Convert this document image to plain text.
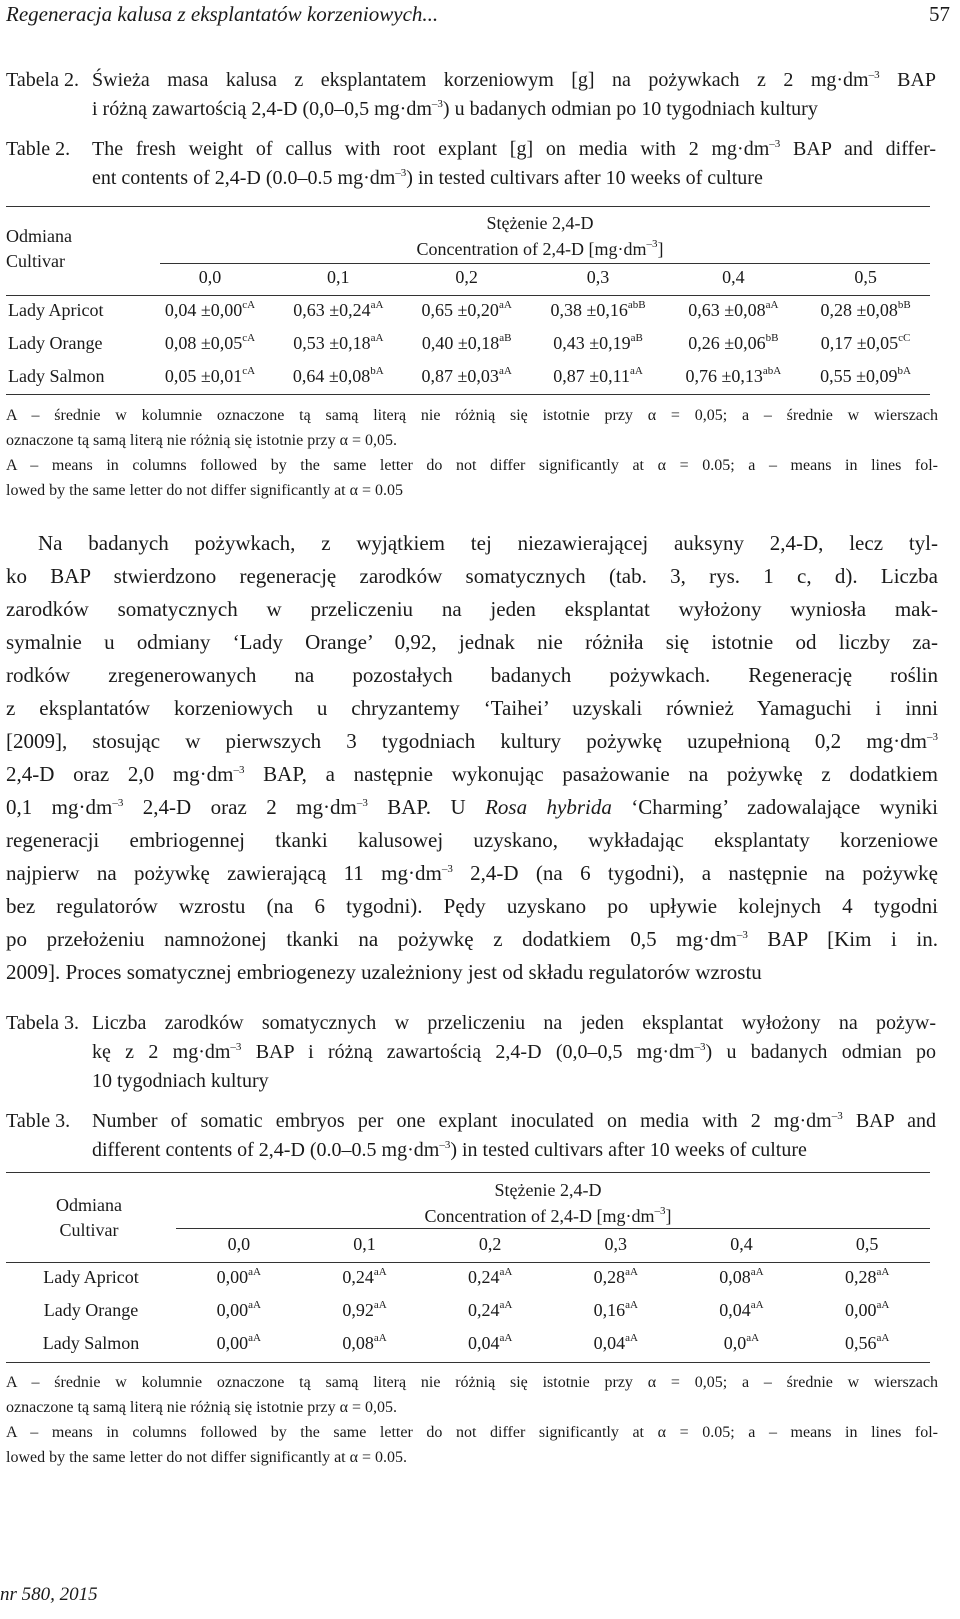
Regeneracja kalusa z eksplantatów korzeniowych...	57
Tabela 2. Świeża masa kalusa z eksplantatem korzeniowym [g] na pożywkach z 2 $mg\cdot dm^{-3}$ BAP
i różną zawartością 2,4-D (0,0–0,5 $mg\cdot dm^{-3}$) u badanych odmian po 10 tygodniach kultury
Table 2. The fresh weight of callus with root explant [g] on media with 2 $mg\cdot dm^{-3}$ BAP and differ-
ent contents of 2,4-D (0.0–0.5 $mg\cdot dm^{-3}$) in tested cultivars after 10 weeks of culture
Odmiana
Cultivar
Stężenie 2,4-D
Concentration of 2,4-D $[mg\cdot dm^{-3}]$
	0,0	0,1	0,2	0,3	0,4	0,5
Lady Apricot	$0,04 \pm 0,00^{cA}$	$0,63 \pm 0,24^{aA}$	$0,65 \pm 0,20^{aA}$	$0,38 \pm 0,16^{abB}$	$0,63 \pm 0,08^{aA}$	$0,28 \pm 0,08^{bB}$
Lady Orange	$0,08 \pm 0,05^{cA}$	$0,53 \pm 0,18^{aA}$	$0,40 \pm 0,18^{aB}$	$0,43 \pm 0,19^{aB}$	$0,26 \pm 0,06^{bB}$	$0,17 \pm 0,05^{cC}$
Lady Salmon	$0,05 \pm 0,01^{cA}$	$0,64 \pm 0,08^{bA}$	$0,87 \pm 0,03^{aA}$	$0,87 \pm 0,11^{aA}$	$0,76 \pm 0,13^{abA}$	$0,55 \pm 0,09^{bA}$
A – średnie w kolumnie oznaczone tą samą literą nie różnią się istotnie przy α = 0,05; a – średnie w wierszach
oznaczone tą samą literą nie różnią się istotnie przy α = 0,05.
A – means in columns followed by the same letter do not differ significantly at α = 0.05; a – means in lines fol-
lowed by the same letter do not differ significantly at α = 0.05
Na badanych pożywkach, z wyjątkiem tej niezawierającej auksyny 2,4-D, lecz tyl-
ko BAP stwierdzono regenerację zarodków somatycznych (tab. 3, rys. 1 c, d). Liczba
zarodków somatycznych w przeliczeniu na jeden eksplantat wyłożony wyniosła mak-
symalnie u odmiany ‘Lady Orange’ 0,92, jednak nie różniła się istotnie od liczby za-
rodków zregenerowanych na pozostałych badanych pożywkach. Regenerację roślin
z eksplantatów korzeniowych u chryzantemy ‘Taihei’ uzyskali również Yamaguchi i inni
[2009], stosując w pierwszych 3 tygodniach kultury pożywkę uzupełnioną 0,2 $mg\cdot dm^{-3}$
2,4-D oraz 2,0 $mg\cdot dm^{-3}$ BAP, a następnie wykonując pasażowanie na pożywkę z dodatkiem
0,1 $mg\cdot dm^{-3}$ 2,4-D oraz 2 $mg\cdot dm^{-3}$ BAP. U Rosa hybrida ‘Charming’ zadowalające wyniki
regeneracji embriogennej tkanki kalusowej uzyskano, wykładając eksplantaty korzeniowe
najpierw na pożywkę zawierającą 11 $mg\cdot dm^{-3}$ 2,4-D (na 6 tygodni), a następnie na pożywkę
bez regulatorów wzrostu (na 6 tygodni). Pędy uzyskano po upływie kolejnych 4 tygodni
po przełożeniu namnożonej tkanki na pożywkę z dodatkiem 0,5 $mg\cdot dm^{-3}$ BAP [Kim i in.
2009]. Proces somatycznej embriogenezy uzależniony jest od składu regulatorów wzrostu
Tabela 3. Liczba zarodków somatycznych w przeliczeniu na jeden eksplantat wyłożony na pożyw-
kę z 2 $mg\cdot dm^{-3}$ BAP i różną zawartością 2,4-D (0,0–0,5 $mg\cdot dm^{-3}$) u badanych odmian po
10 tygodniach kultury
Table 3. Number of somatic embryos per one explant inoculated on media with 2 $mg\cdot dm^{-3}$ BAP and
different contents of 2,4-D (0.0–0.5 $mg\cdot dm^{-3}$) in tested cultivars after 10 weeks of culture
Odmiana
Cultivar
Stężenie 2,4-D
Concentration of 2,4-D $[mg\cdot dm^{-3}]$
	0,0	0,1	0,2	0,3	0,4	0,5
Lady Apricot	$0,00^{aA}$	$0,24^{aA}$	$0,24^{aA}$	$0,28^{aA}$	$0,08^{aA}$	$0,28^{aA}$
Lady Orange	$0,00^{aA}$	$0,92^{aA}$	$0,24^{aA}$	$0,16^{aA}$	$0,04^{aA}$	$0,00^{aA}$
Lady Salmon	$0,00^{aA}$	$0,08^{aA}$	$0,04^{aA}$	$0,04^{aA}$	$0,0^{aA}$	$0,56^{aA}$
A – średnie w kolumnie oznaczone tą samą literą nie różnią się istotnie przy α = 0,05; a – średnie w wierszach
oznaczone tą samą literą nie różnią się istotnie przy α = 0,05.
A – means in columns followed by the same letter do not differ significantly at α = 0.05; a – means in lines fol-
lowed by the same letter do not differ significantly at α = 0.05.
nr 580, 2015
